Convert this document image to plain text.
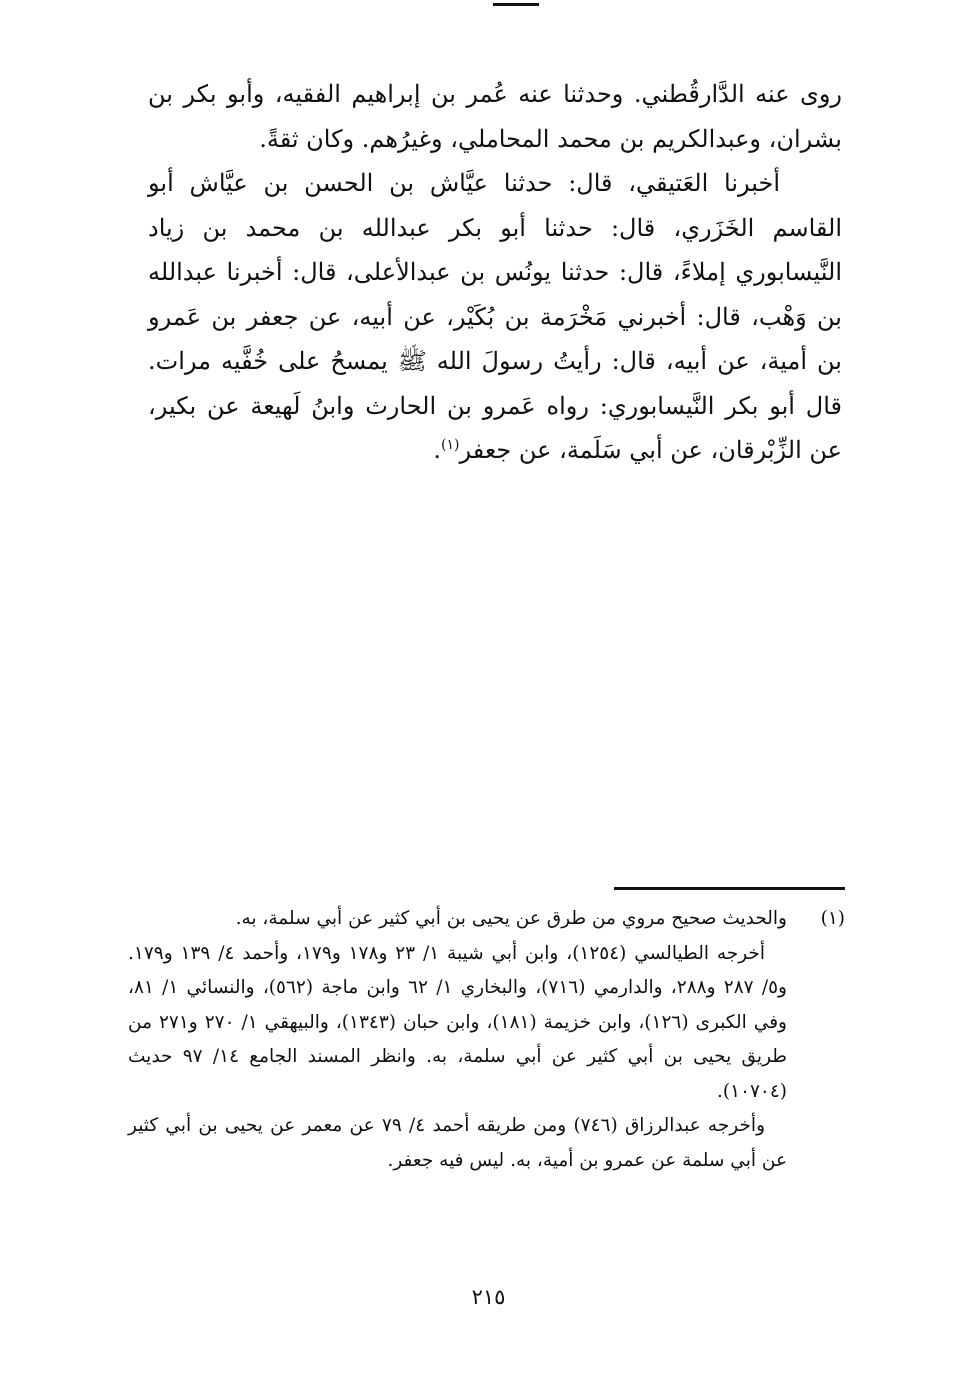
روى عنه الدَّارقُطني. وحدثنا عنه عُمر بن إبراهيم الفقيه، وأبو بكر بن بشران، وعبدالكريم بن محمد المحاملي، وغيرُهم. وكان ثقةً.

أخبرنا العَتيقي، قال: حدثنا عيَّاش بن الحسن بن عيَّاش أبو القاسم الخَزَري، قال: حدثنا أبو بكر عبدالله بن محمد بن زياد النَّيسابوري إملاءً، قال: حدثنا يونُس بن عبدالأعلى، قال: أخبرنا عبدالله بن وَهْب، قال: أخبرني مَخْرَمة بن بُكَيْر، عن أبيه، عن جعفر بن عَمرو بن أمية، عن أبيه، قال: رأيتُ رسولَ الله ﷺ يمسحُ على خُفَّيه مرات. قال أبو بكر النَّيسابوري: رواه عَمرو بن الحارث وابنُ لَهيعة عن بكير، عن الزِّبْرقان، عن أبي سَلَمة، عن جعفر$^{(١)}$.

(١)

والحديث صحيح مروي من طرق عن يحيى بن أبي كثير عن أبي سلمة، به.

أخرجه الطيالسي (١٢٥٤)، وابن أبي شيبة ١/ ٢٣ و١٧٨ و١٧٩، وأحمد ٤/ ١٣٩ و١٧٩. و٥/ ٢٨٧ و٢٨٨، والدارمي (٧١٦)، والبخاري ١/ ٦٢ وابن ماجة (٥٦٢)، والنسائي ١/ ٨١، وفي الكبرى (١٢٦)، وابن خزيمة (١٨١)، وابن حبان (١٣٤٣)، والبيهقي ١/ ٢٧٠ و٢٧١ من طريق يحيى بن أبي كثير عن أبي سلمة، به. وانظر المسند الجامع ١٤/ ٩٧ حديث (١٠٧٠٤).

وأخرجه عبدالرزاق (٧٤٦) ومن طريقه أحمد ٤/ ٧٩ عن معمر عن يحيى بن أبي كثير عن أبي سلمة عن عمرو بن أمية، به. ليس فيه جعفر.

٢١٥
